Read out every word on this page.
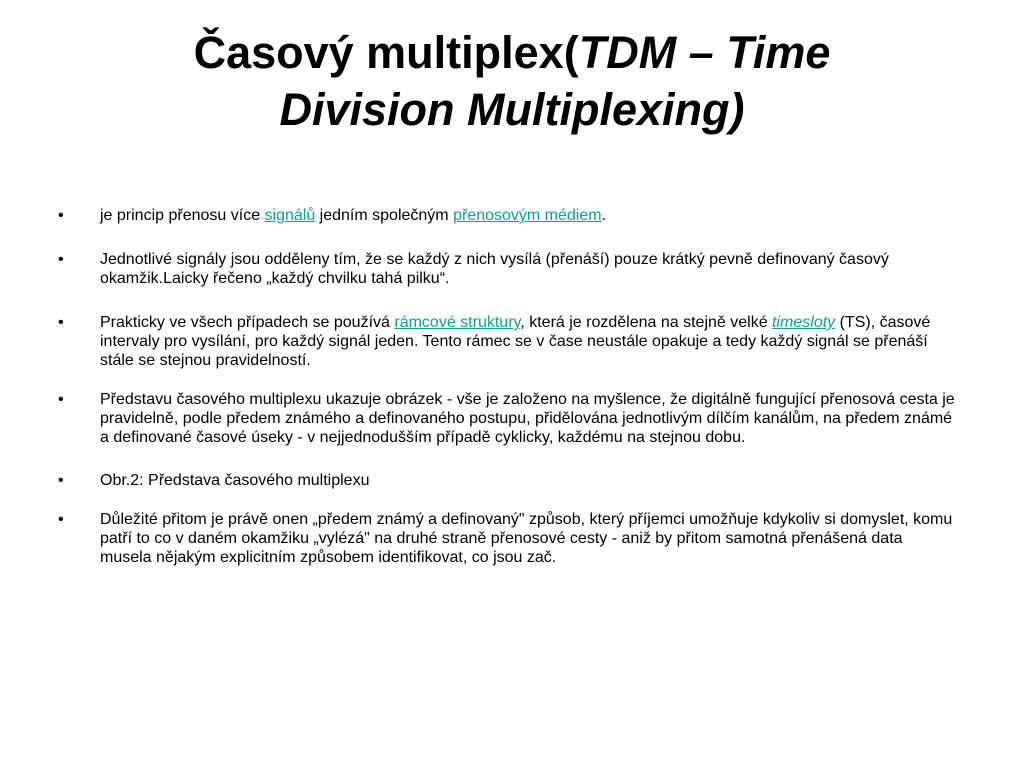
Časový multiplex(TDM – Time
Division Multiplexing)
• je princip přenosu více signálů jedním společným přenosovým médiem.
• Jednotlivé signály jsou odděleny tím, že se každý z nich vysílá (přenáší) pouze krátký pevně definovaný časový okamžik.Laicky řečeno „každý chvilku tahá pilku“.
• Prakticky ve všech případech se používá rámcové struktury, která je rozdělena na stejně velké timesloty (TS), časové intervaly pro vysílání, pro každý signál jeden. Tento rámec se v čase neustále opakuje a tedy každý signál se přenáší stále se stejnou pravidelností.
• Představu časového multiplexu ukazuje obrázek - vše je založeno na myšlence, že digitálně fungující přenosová cesta je pravidelně, podle předem známého a definovaného postupu, přidělována jednotlivým dílčím kanálům, na předem známé a definované časové úseky - v nejjednodušším případě cyklicky, každému na stejnou dobu.
• Obr.2: Představa časového multiplexu
• Důležité přitom je právě onen „předem známý a definovaný" způsob, který příjemci umožňuje kdykoliv si domyslet, komu patří to co v daném okamžiku „vylézá" na druhé straně přenosové cesty - aniž by přitom samotná přenášená data musela nějakým explicitním způsobem identifikovat, co jsou zač.
